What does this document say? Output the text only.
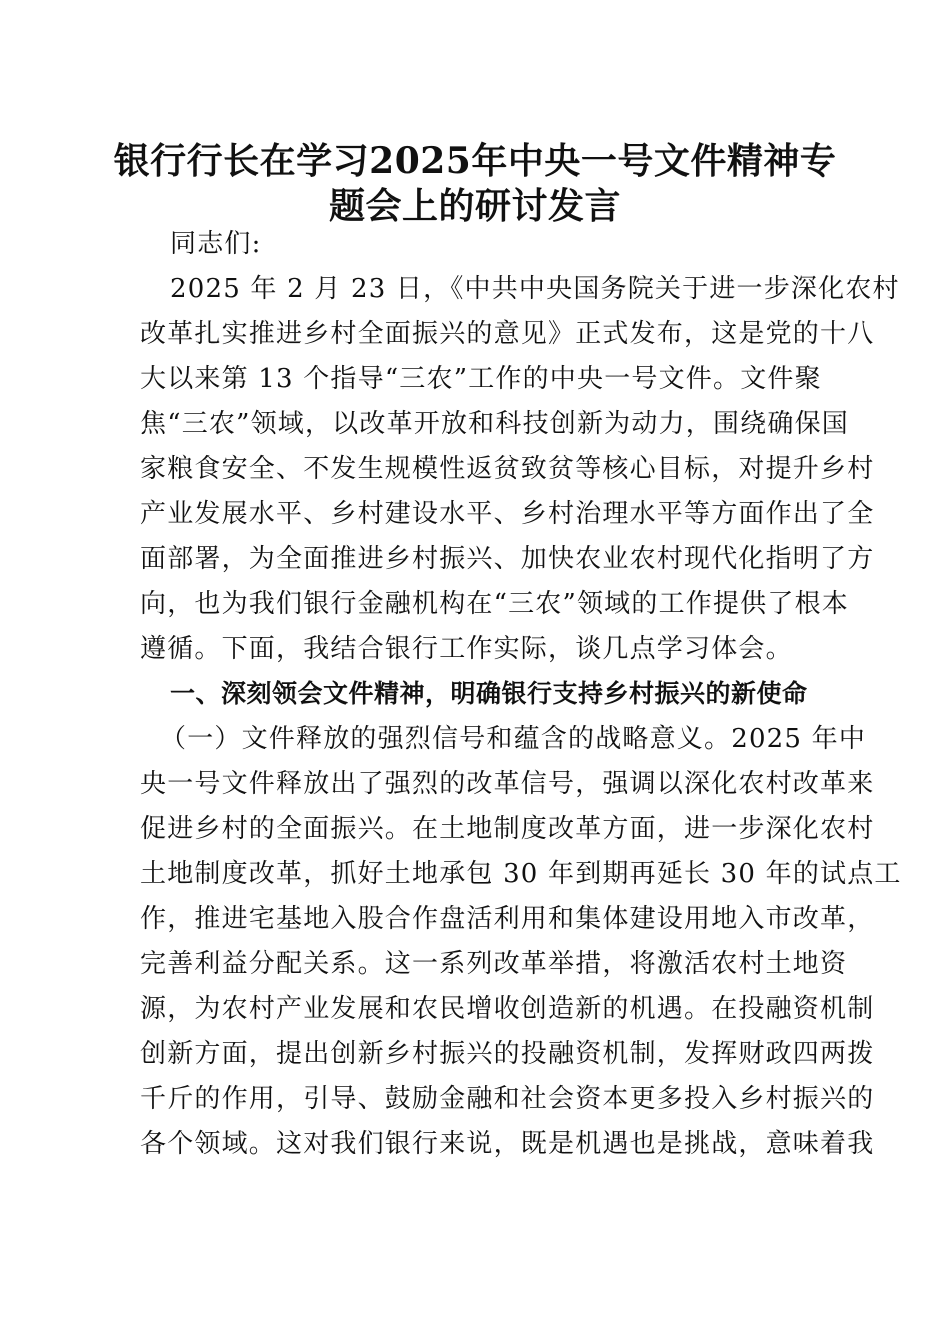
银行行长在学习2025年中央一号文件精神专
题会上的研讨发言
同志们:
2025 年 2 月 23 日，《中共中央国务院关于进一步深化农村
改革扎实推进乡村全面振兴的意见》正式发布，这是党的十八
大以来第 13 个指导“三农”工作的中央一号文件。文件聚
焦“三农”领域，以改革开放和科技创新为动力，围绕确保国
家粮食安全、不发生规模性返贫致贫等核心目标，对提升乡村
产业发展水平、乡村建设水平、乡村治理水平等方面作出了全
面部署，为全面推进乡村振兴、加快农业农村现代化指明了方
向，也为我们银行金融机构在“三农”领域的工作提供了根本
遵循。下面，我结合银行工作实际，谈几点学习体会。
一、深刻领会文件精神，明确银行支持乡村振兴的新使命
（一）文件释放的强烈信号和蕴含的战略意义。2025 年中
央一号文件释放出了强烈的改革信号，强调以深化农村改革来
促进乡村的全面振兴。在土地制度改革方面，进一步深化农村
土地制度改革，抓好土地承包 30 年到期再延长 30 年的试点工
作，推进宅基地入股合作盘活利用和集体建设用地入市改革，
完善利益分配关系。这一系列改革举措，将激活农村土地资
源，为农村产业发展和农民增收创造新的机遇。在投融资机制
创新方面，提出创新乡村振兴的投融资机制，发挥财政四两拨
千斤的作用，引导、鼓励金融和社会资本更多投入乡村振兴的
各个领域。这对我们银行来说，既是机遇也是挑战，意味着我
